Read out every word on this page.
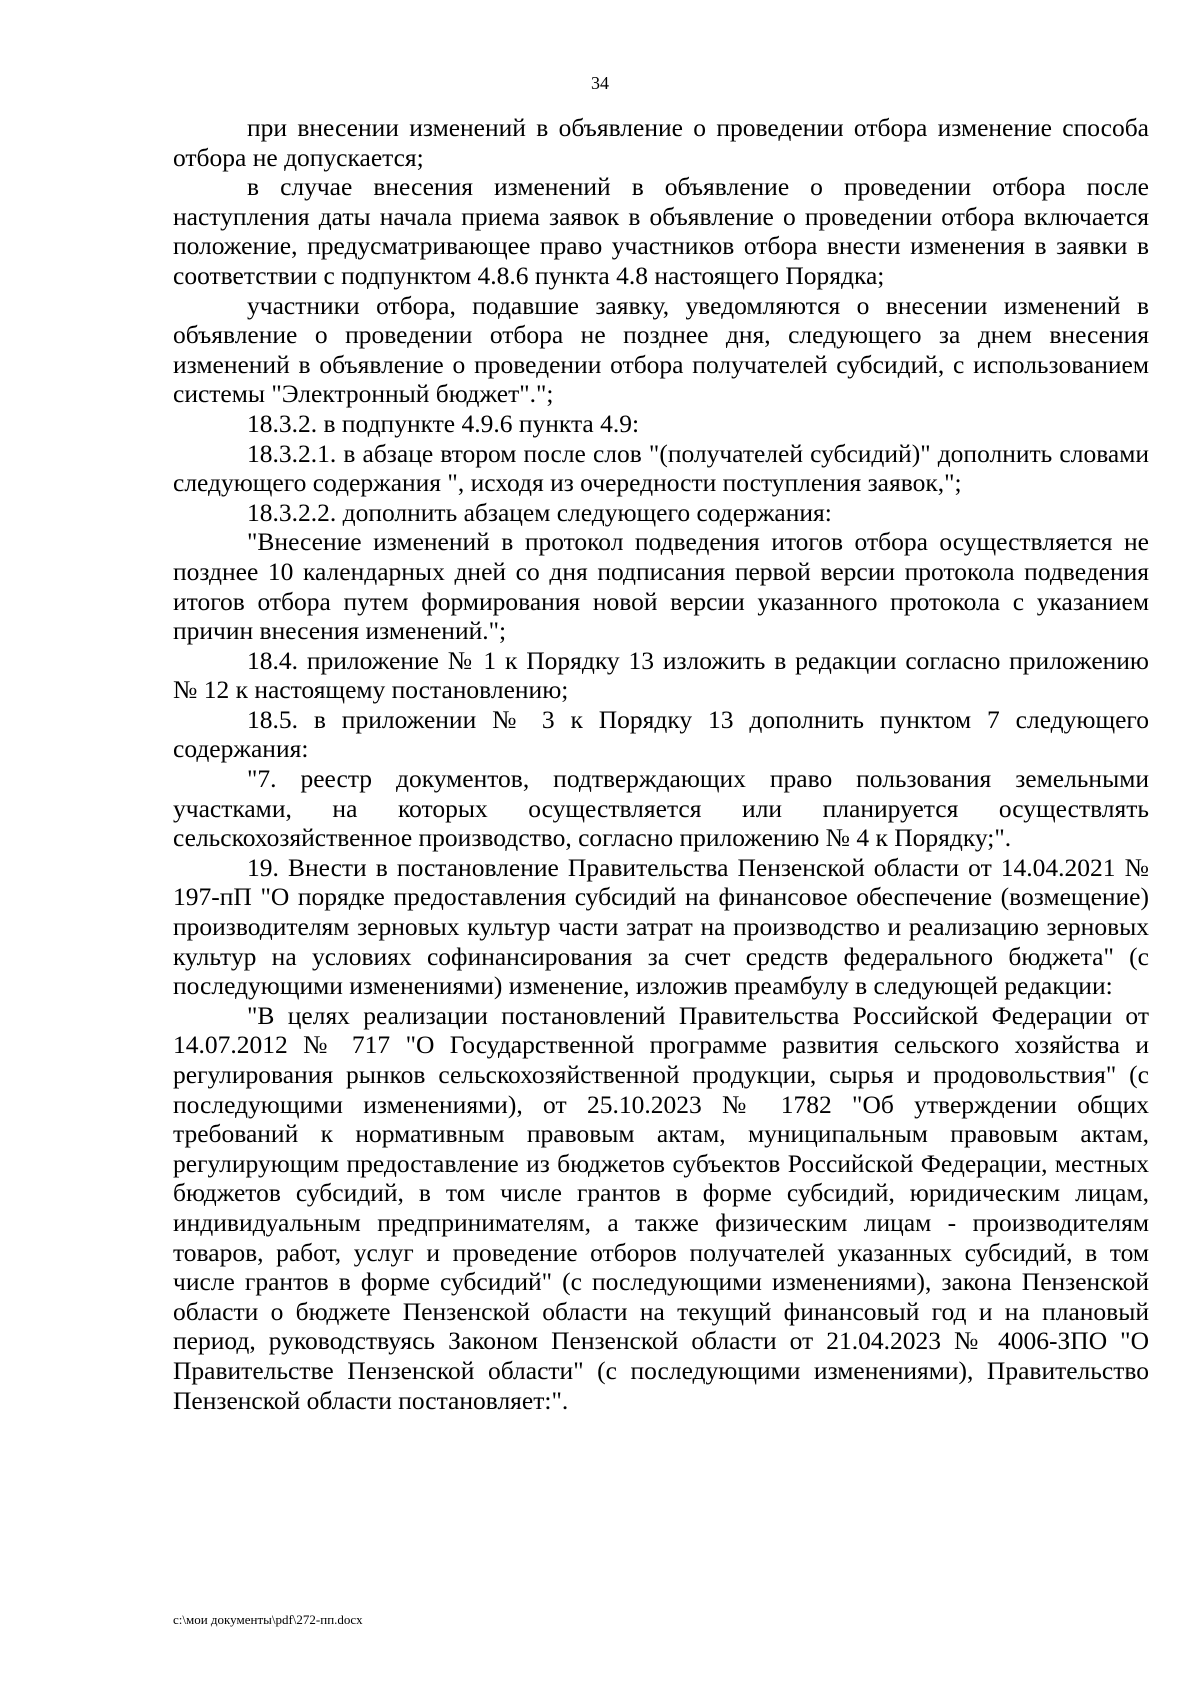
34

при внесении изменений в объявление о проведении отбора изменение способа отбора не допускается;

в случае внесения изменений в объявление о проведении отбора после наступления даты начала приема заявок в объявление о проведении отбора включается положение, предусматривающее право участников отбора внести изменения в заявки в соответствии с подпунктом 4.8.6 пункта 4.8 настоящего Порядка;

участники отбора, подавшие заявку, уведомляются о внесении изменений в объявление о проведении отбора не позднее дня, следующего за днем внесения изменений в объявление о проведении отбора получателей субсидий, с использованием системы "Электронный бюджет".";

18.3.2. в подпункте 4.9.6 пункта 4.9:

18.3.2.1. в абзаце втором после слов "(получателей субсидий)" дополнить словами следующего содержания ", исходя из очередности поступления заявок,";

18.3.2.2. дополнить абзацем следующего содержания:

"Внесение изменений в протокол подведения итогов отбора осуществляется не позднее 10 календарных дней со дня подписания первой версии протокола подведения итогов отбора путем формирования новой версии указанного протокола с указанием причин внесения изменений.";

18.4. приложение № 1 к Порядку 13 изложить в редакции согласно приложению № 12 к настоящему постановлению;

18.5. в приложении № 3 к Порядку 13 дополнить пунктом 7 следующего содержания:

"7. реестр документов, подтверждающих право пользования земельными участками, на которых осуществляется или планируется осуществлять сельскохозяйственное производство, согласно приложению № 4 к Порядку;".

19. Внести в постановление Правительства Пензенской области от 14.04.2021 № 197-пП "О порядке предоставления субсидий на финансовое обеспечение (возмещение) производителям зерновых культур части затрат на производство и реализацию зерновых культур на условиях софинансирования за счет средств федерального бюджета" (с последующими изменениями) изменение, изложив преамбулу в следующей редакции:

"В целях реализации постановлений Правительства Российской Федерации от 14.07.2012 № 717 "О Государственной программе развития сельского хозяйства и регулирования рынков сельскохозяйственной продукции, сырья и продовольствия" (с последующими изменениями), от 25.10.2023 № 1782 "Об утверждении общих требований к нормативным правовым актам, муниципальным правовым актам, регулирующим предоставление из бюджетов субъектов Российской Федерации, местных бюджетов субсидий, в том числе грантов в форме субсидий, юридическим лицам, индивидуальным предпринимателям, а также физическим лицам - производителям товаров, работ, услуг и проведение отборов получателей указанных субсидий, в том числе грантов в форме субсидий" (с последующими изменениями), закона Пензенской области о бюджете Пензенской области на текущий финансовый год и на плановый период, руководствуясь Законом Пензенской области от 21.04.2023 № 4006-ЗПО "О Правительстве Пензенской области" (с последующими изменениями), Правительство Пензенской области постановляет:".

c:\мои документы\pdf\272-пп.docx
